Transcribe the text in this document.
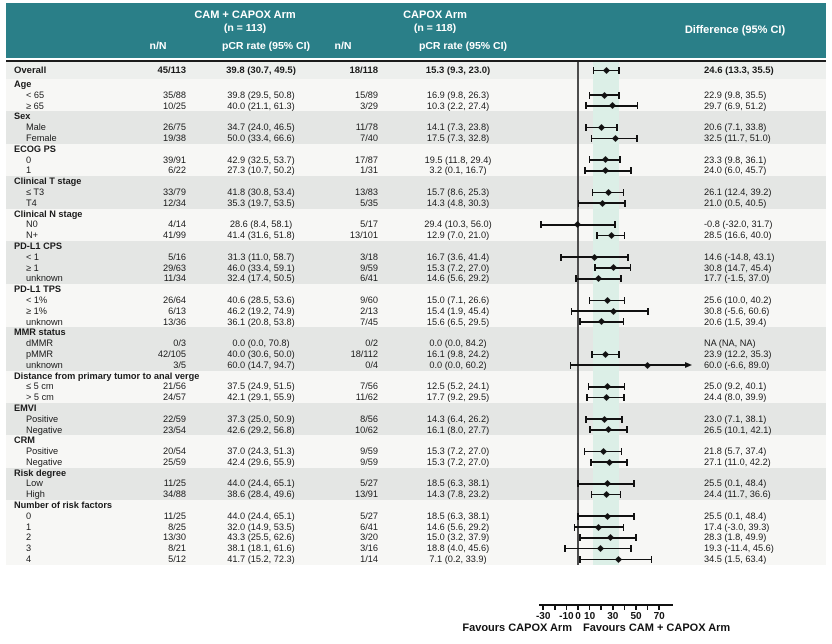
CAM + CAPOX Arm
(n = 113)
CAPOX Arm
(n = 118)	Difference (95% CI)
n/N	pCR rate (95% CI)	n/N	pCR rate (95% CI)
Overall	45/113	39.8 (30.7, 49.5)	18/118	15.3 (9.3, 23.0)	24.6 (13.3, 35.5)
Age
< 65	35/88	39.8 (29.5, 50.8)	15/89	16.9 (9.8, 26.3)	22.9 (9.8, 35.5)
≥ 65	10/25	40.0 (21.1, 61.3)	3/29	10.3 (2.2, 27.4)	29.7 (6.9, 51.2)
Sex
Male	26/75	34.7 (24.0, 46.5)	11/78	14.1 (7.3, 23.8)	20.6 (7.1, 33.8)
Female	19/38	50.0 (33.4, 66.6)	7/40	17.5 (7.3, 32.8)	32.5 (11.7, 51.0)
ECOG PS
0	39/91	42.9 (32.5, 53.7)	17/87	19.5 (11.8, 29.4)	23.3 (9.8, 36.1)
1	6/22	27.3 (10.7, 50.2)	1/31	3.2 (0.1, 16.7)	24.0 (6.0, 45.7)
Clinical T stage
≤ T3	33/79	41.8 (30.8, 53.4)	13/83	15.7 (8.6, 25.3)	26.1 (12.4, 39.2)
T4	12/34	35.3 (19.7, 53.5)	5/35	14.3 (4.8, 30.3)	21.0 (0.5, 40.5)
Clinical N stage
N0	4/14	28.6 (8.4, 58.1)	5/17	29.4 (10.3, 56.0)	-0.8 (-32.0, 31.7)
N+	41/99	41.4 (31.6, 51.8)	13/101	12.9 (7.0, 21.0)	28.5 (16.6, 40.0)
PD-L1 CPS
< 1	5/16	31.3 (11.0, 58.7)	3/18	16.7 (3.6, 41.4)	14.6 (-14.8, 43.1)
≥ 1	29/63	46.0 (33.4, 59.1)	9/59	15.3 (7.2, 27.0)	30.8 (14.7, 45.4)
unknown	11/34	32.4 (17.4, 50.5)	6/41	14.6 (5.6, 29.2)	17.7 (-1.5, 37.0)
PD-L1 TPS
< 1%	26/64	40.6 (28.5, 53.6)	9/60	15.0 (7.1, 26.6)	25.6 (10.0, 40.2)
≥ 1%	6/13	46.2 (19.2, 74.9)	2/13	15.4 (1.9, 45.4)	30.8 (-5.6, 60.6)
unknown	13/36	36.1 (20.8, 53.8)	7/45	15.6 (6.5, 29.5)	20.6 (1.5, 39.4)
MMR status
dMMR	0/3	0.0 (0.0, 70.8)	0/2	0.0 (0.0, 84.2)	NA (NA, NA)
pMMR	42/105	40.0 (30.6, 50.0)	18/112	16.1 (9.8, 24.2)	23.9 (12.2, 35.3)
unknown	3/5	60.0 (14.7, 94.7)	0/4	0.0 (0.0, 60.2)	60.0 (-6.6, 89.0)
Distance from primary tumor to anal verge
≤ 5 cm	21/56	37.5 (24.9, 51.5)	7/56	12.5 (5.2, 24.1)	25.0 (9.2, 40.1)
> 5 cm	24/57	42.1 (29.1, 55.9)	11/62	17.7 (9.2, 29.5)	24.4 (8.0, 39.9)
EMVI
Positive	22/59	37.3 (25.0, 50.9)	8/56	14.3 (6.4, 26.2)	23.0 (7.1, 38.1)
Negative	23/54	42.6 (29.2, 56.8)	10/62	16.1 (8.0, 27.7)	26.5 (10.1, 42.1)
CRM
Positive	20/54	37.0 (24.3, 51.3)	9/59	15.3 (7.2, 27.0)	21.8 (5.7, 37.4)
Negative	25/59	42.4 (29.6, 55.9)	9/59	15.3 (7.2, 27.0)	27.1 (11.0, 42.2)
Risk degree
Low	11/25	44.0 (24.4, 65.1)	5/27	18.5 (6.3, 38.1)	25.5 (0.1, 48.4)
High	34/88	38.6 (28.4, 49.6)	13/91	14.3 (7.8, 23.2)	24.4 (11.7, 36.6)
Number of risk factors
0	11/25	44.0 (24.4, 65.1)	5/27	18.5 (6.3, 38.1)	25.5 (0.1, 48.4)
1	8/25	32.0 (14.9, 53.5)	6/41	14.6 (5.6, 29.2)	17.4 (-3.0, 39.3)
2	13/30	43.3 (25.5, 62.6)	3/20	15.0 (3.2, 37.9)	28.3 (1.8, 49.9)
3	8/21	38.1 (18.1, 61.6)	3/16	18.8 (4.0, 45.6)	19.3 (-11.4, 45.6)
4	5/12	41.7 (15.2, 72.3)	1/14	7.1 (0.2, 33.9)	34.5 (1.5, 63.4)
-30 -10 0 10	30	50	70
Favours CAPOX Arm Favours CAM + CAPOX Arm
